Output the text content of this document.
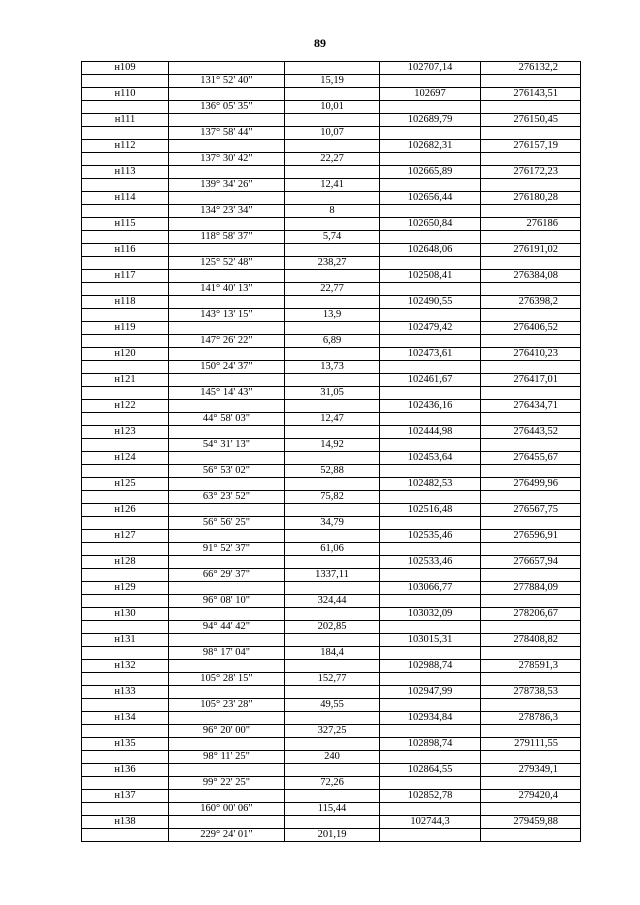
89
н109			102707,14	276132,2
	131° 52' 40"	15,19		
н110			102697	276143,51
	136° 05' 35"	10,01		
н111			102689,79	276150,45
	137° 58' 44"	10,07		
н112			102682,31	276157,19
	137° 30' 42"	22,27		
н113			102665,89	276172,23
	139° 34' 26"	12,41		
н114			102656,44	276180,28
	134° 23' 34"	8		
н115			102650,84	276186
	118° 58' 37"	5,74		
н116			102648,06	276191,02
	125° 52' 48"	238,27		
н117			102508,41	276384,08
	141° 40' 13"	22,77		
н118			102490,55	276398,2
	143° 13' 15"	13,9		
н119			102479,42	276406,52
	147° 26' 22"	6,89		
н120			102473,61	276410,23
	150° 24' 37"	13,73		
н121			102461,67	276417,01
	145° 14' 43"	31,05		
н122			102436,16	276434,71
	44° 58' 03"	12,47		
н123			102444,98	276443,52
	54° 31' 13"	14,92		
н124			102453,64	276455,67
	56° 53' 02"	52,88		
н125			102482,53	276499,96
	63° 23' 52"	75,82		
н126			102516,48	276567,75
	56° 56' 25"	34,79		
н127			102535,46	276596,91
	91° 52' 37"	61,06		
н128			102533,46	276657,94
	66° 29' 37"	1337,11		
н129			103066,77	277884,09
	96° 08' 10"	324,44		
н130			103032,09	278206,67
	94° 44' 42"	202,85		
н131			103015,31	278408,82
	98° 17' 04"	184,4		
н132			102988,74	278591,3
	105° 28' 15"	152,77		
н133			102947,99	278738,53
	105° 23' 28"	49,55		
н134			102934,84	278786,3
	96° 20' 00"	327,25		
н135			102898,74	279111,55
	98° 11' 25"	240		
н136			102864,55	279349,1
	99° 22' 25"	72,26		
н137			102852,78	279420,4
	160° 00' 06"	115,44		
н138			102744,3	279459,88
	229° 24' 01"	201,19		
